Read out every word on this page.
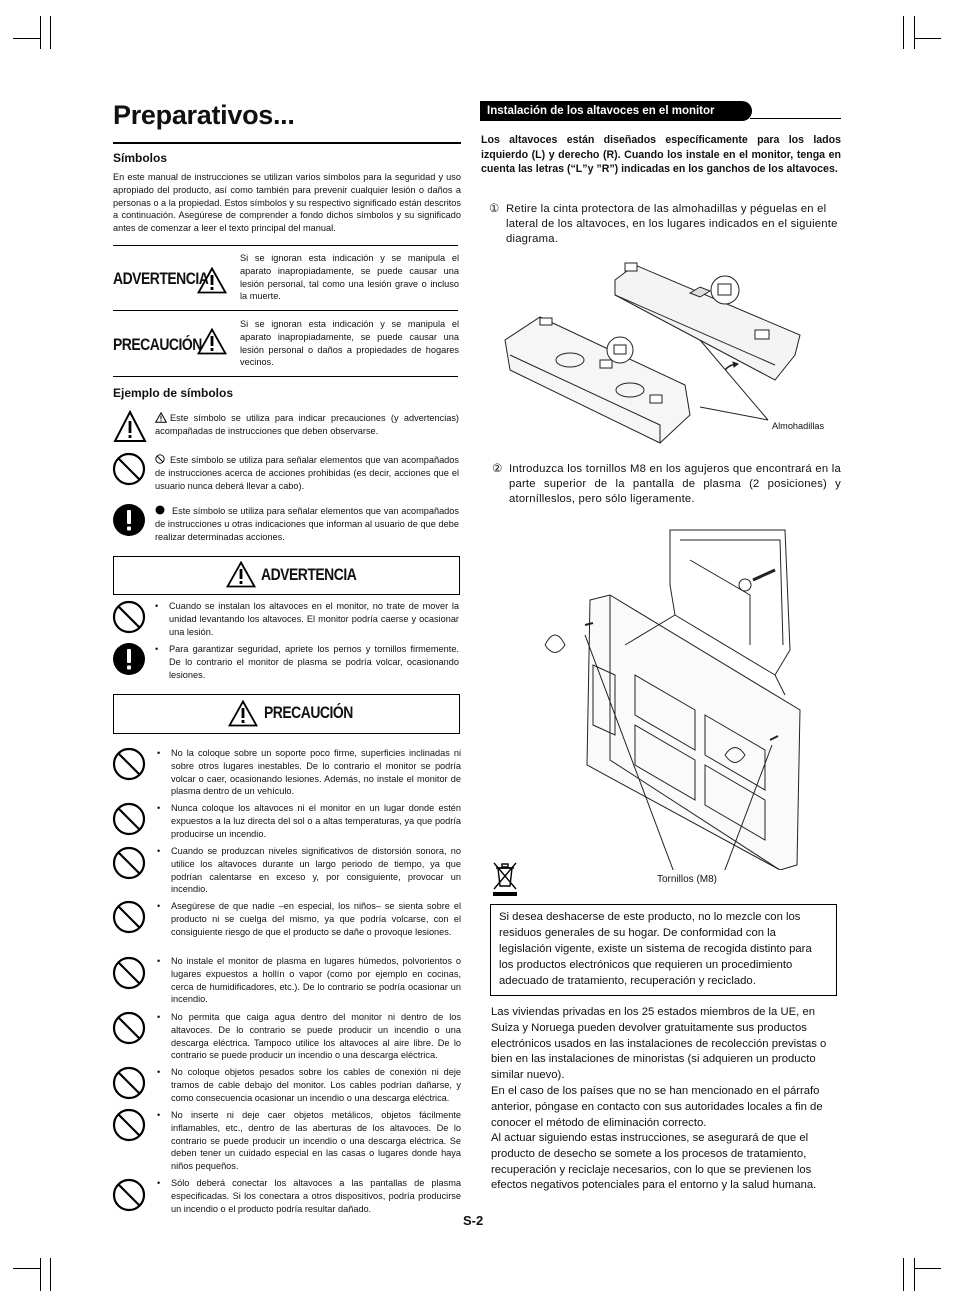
Preparativos...
Símbolos
En este manual de instrucciones se utilizan varios símbolos para la seguridad y uso apropiado del producto, así como también para prevenir cualquier lesión o daños a personas o a la propiedad. Estos símbolos y su respectivo significado están descritos a continuación. Asegúrese de comprender a fondo dichos símbolos y su significado antes de comenzar a leer el texto principal del manual.
ADVERTENCIA
Si se ignoran esta indicación y se manipula el aparato inapropiadamente, se puede causar una lesión personal, tal como una lesión grave o incluso la muerte.
PRECAUCIÓN
Si se ignoran esta indicación y se manipula el aparato inapropiadamente, se puede causar una lesión personal o daños a propiedades de hogares vecinos.
Ejemplo de símbolos
Este símbolo se utiliza para indicar precauciones (y advertencias) acompañadas de instrucciones que deben observarse.
Este símbolo se utiliza para señalar elementos que van acompañados de instrucciones acerca de acciones prohibidas (es decir, acciones que el usuario nunca deberá llevar a cabo).
Este símbolo se utiliza para señalar elementos que van acompañados de instrucciones u otras indicaciones que informan al usuario de que debe realizar determinadas acciones.
ADVERTENCIA
• Cuando se instalan los altavoces en el monitor, no trate de mover la unidad levantando los altavoces. El monitor podría caerse y ocasionar una lesión.
• Para garantizar seguridad, apriete los pernos y tornillos firmemente. De lo contrario el monitor de plasma se podría volcar, ocasionando lesiones.
PRECAUCIÓN
• No la coloque sobre un soporte poco firme, superficies inclinadas ni sobre otros lugares inestables. De lo contrario el monitor se podría volcar o caer, ocasionando lesiones. Además, no instale el monitor de plasma dentro de un vehículo.
• Nunca coloque los altavoces ni el monitor en un lugar donde estén expuestos a la luz directa del sol o a altas temperaturas, ya que podría producirse un incendio.
• Cuando se produzcan niveles significativos de distorsión sonora, no utilice los altavoces durante un largo periodo de tiempo, ya que podrían calentarse en exceso y, por consiguiente, provocar un incendio.
• Asegúrese de que nadie –en especial, los niños– se sienta sobre el producto ni se cuelga del mismo, ya que podría volcarse, con el consiguiente riesgo de que el producto se dañe o provoque lesiones.
• No instale el monitor de plasma en lugares húmedos, polvorientos o lugares expuestos a hollín o vapor (como por ejemplo en cocinas, cerca de humidificadores, etc.). De lo contrario se podría ocasionar un incendio.
• No permita que caiga agua dentro del monitor ni dentro de los altavoces. De lo contrario se puede producir un incendio o una descarga eléctrica. Tampoco utilice los altavoces al aire libre. De lo contrario se puede producir un incendio o una descarga eléctrica.
• No coloque objetos pesados sobre los cables de conexión ni deje tramos de cable debajo del monitor. Los cables podrían dañarse, y como consecuencia ocasionar un incendio o una descarga eléctrica.
• No inserte ni deje caer objetos metálicos, objetos fácilmente inflamables, etc., dentro de las aberturas de los altavoces. De lo contrario se puede producir un incendio o una descarga eléctrica. Se deben tener un cuidado especial en las casas o lugares donde haya niños pequeños.
• Sólo deberá conectar los altavoces a las pantallas de plasma especificadas. Si los conectara a otros dispositivos, podría producirse un incendio o el producto podría resultar dañado.
Instalación de los altavoces en el monitor
Los altavoces están diseñados específicamente para los lados izquierdo (L) y derecho (R). Cuando los instale en el monitor, tenga en cuenta las letras (“L”y ”R”) indicadas en los ganchos de los altavoces.
① Retire la cinta protectora de las almohadillas y péguelas en el lateral de los altavoces, en los lugares indicados en el siguiente diagrama.
Almohadillas
② Introduzca los tornillos M8 en los agujeros que encontrará en la parte superior de la pantalla de plasma (2 posiciones) y atornílleslos, pero sólo ligeramente.
Tornillos (M8)
Si desea deshacerse de este producto, no lo mezcle con los residuos generales de su hogar. De conformidad con la legislación vigente, existe un sistema de recogida distinto para los productos electrónicos que requieren un procedimiento adecuado de tratamiento, recuperación y reciclado.
Las viviendas privadas en los 25 estados miembros de la UE, en Suiza y Noruega pueden devolver gratuitamente sus productos electrónicos usados en las instalaciones de recolección previstas o bien en las instalaciones de minoristas (si adquieren un producto similar nuevo).
En el caso de los países que no se han mencionado en el párrafo anterior, póngase en contacto con sus autoridades locales a fin de conocer el método de eliminación correcto.
Al actuar siguiendo estas instrucciones, se asegurará de que el producto de desecho se somete a los procesos de tratamiento, recuperación y reciclaje necesarios, con lo que se previenen los efectos negativos potenciales para el entorno y la salud humana.
S-2
